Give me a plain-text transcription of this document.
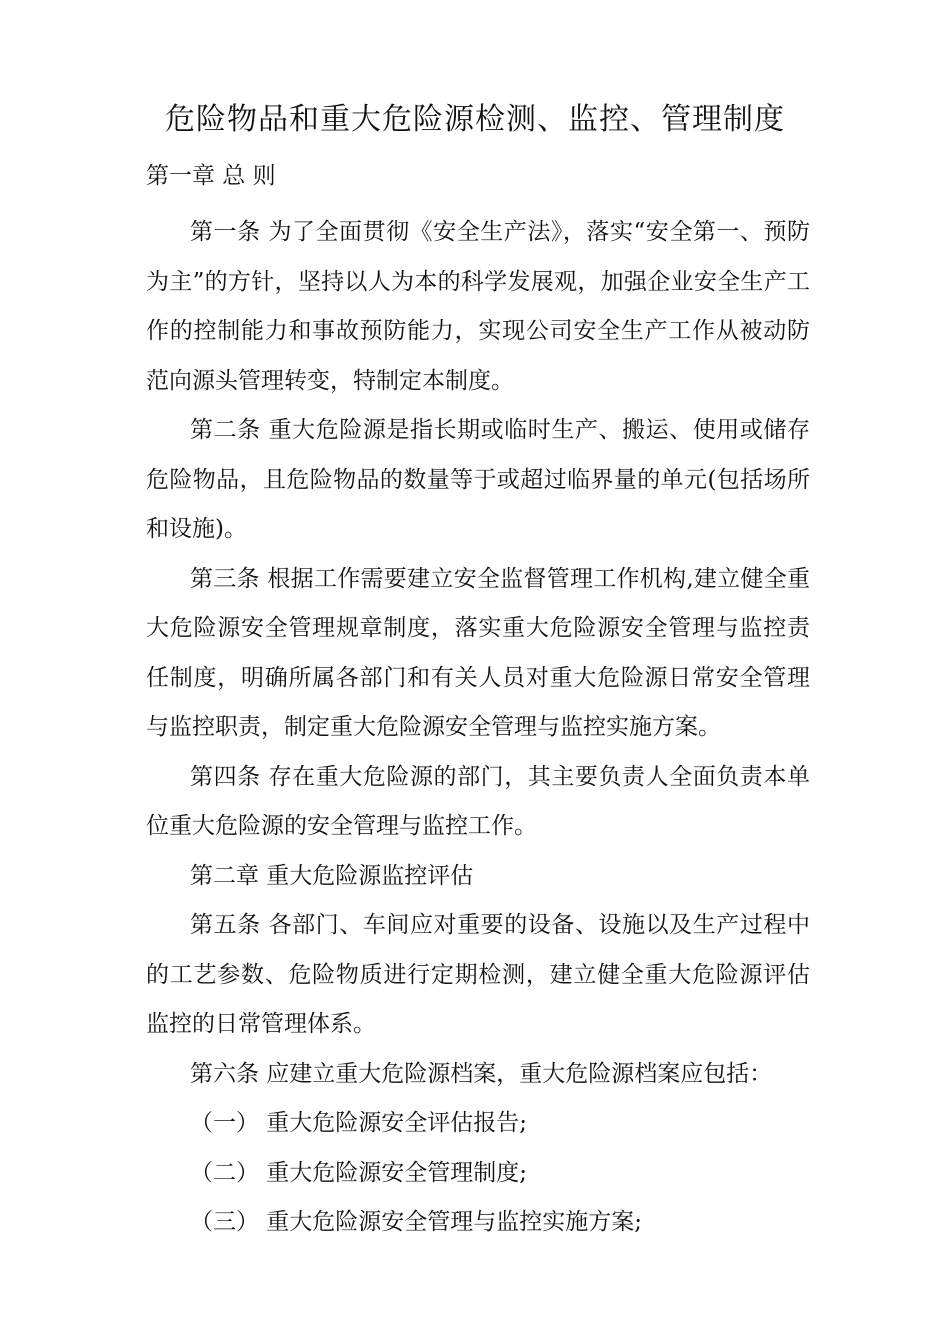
危险物品和重大危险源检测、监控、管理制度
第一章 总 则

第一条 为了全面贯彻《安全生产法》，落实“安全第一、预防为主”的方针，坚持以人为本的科学发展观，加强企业安全生产工作的控制能力和事故预防能力，实现公司安全生产工作从被动防范向源头管理转变，特制定本制度。

第二条 重大危险源是指长期或临时生产、搬运、使用或储存危险物品，且危险物品的数量等于或超过临界量的单元(包括场所和设施)。

第三条 根据工作需要建立安全监督管理工作机构,建立健全重大危险源安全管理规章制度，落实重大危险源安全管理与监控责任制度，明确所属各部门和有关人员对重大危险源日常安全管理与监控职责，制定重大危险源安全管理与监控实施方案。

第四条 存在重大危险源的部门，其主要负责人全面负责本单位重大危险源的安全管理与监控工作。

第二章 重大危险源监控评估

第五条 各部门、车间应对重要的设备、设施以及生产过程中的工艺参数、危险物质进行定期检测，建立健全重大危险源评估监控的日常管理体系。

第六条 应建立重大危险源档案，重大危险源档案应包括：

（一） 重大危险源安全评估报告;

（二） 重大危险源安全管理制度;

（三） 重大危险源安全管理与监控实施方案;
